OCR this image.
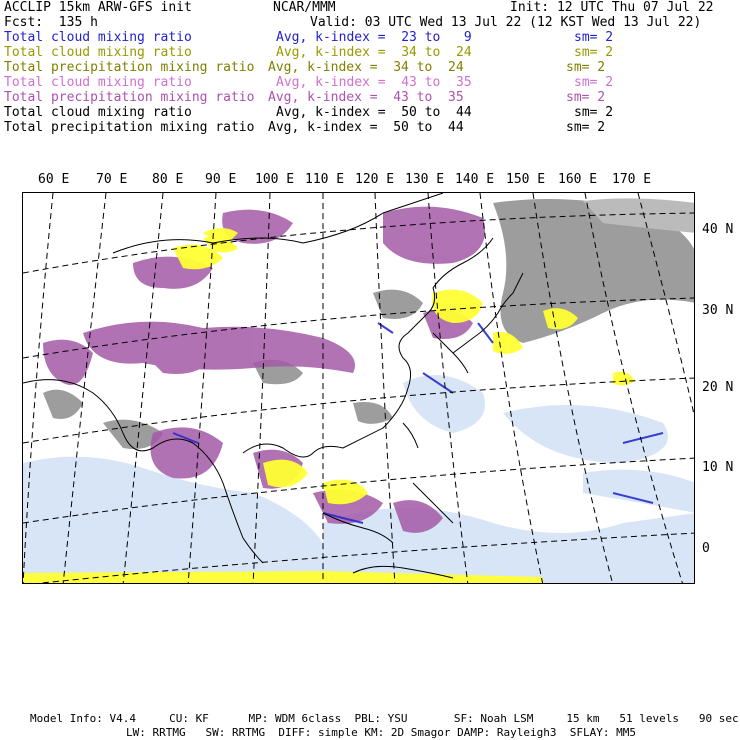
ACCLIP 15km ARW-GFS init	NCAR/MMM	Init: 12 UTC Thu 07 Jul 22
Fcst:  135 h	Valid: 03 UTC Wed 13 Jul 22 (12 KST Wed 13 Jul 22)
Total cloud mixing ratio	Avg, k-index =  23 to   9	sm= 2
Total cloud mixing ratio	Avg, k-index =  34 to  24	sm= 2
Total precipitation mixing ratio Avg, k-index =  34 to  24	sm= 2
Total cloud mixing ratio	Avg, k-index =  43 to  35	sm= 2
Total precipitation mixing ratio Avg, k-index =  43 to  35	sm= 2
Total cloud mixing ratio	Avg, k-index =  50 to  44	sm= 2
Total precipitation mixing ratio Avg, k-index =  50 to  44	sm= 2
60 E 70 E 80 E 90 E 100 E 110 E 120 E 130 E 140 E 150 E 160 E 170 E
40 N
30 N
20 N
10 N
0
Model Info: V4.4     CU: KF      MP: WDM 6class  PBL: YSU       SF: Noah LSM     15 km   51 levels   90 sec
LW: RRTMG   SW: RRTMG  DIFF: simple KM: 2D Smagor DAMP: Rayleigh3  SFLAY: MM5
